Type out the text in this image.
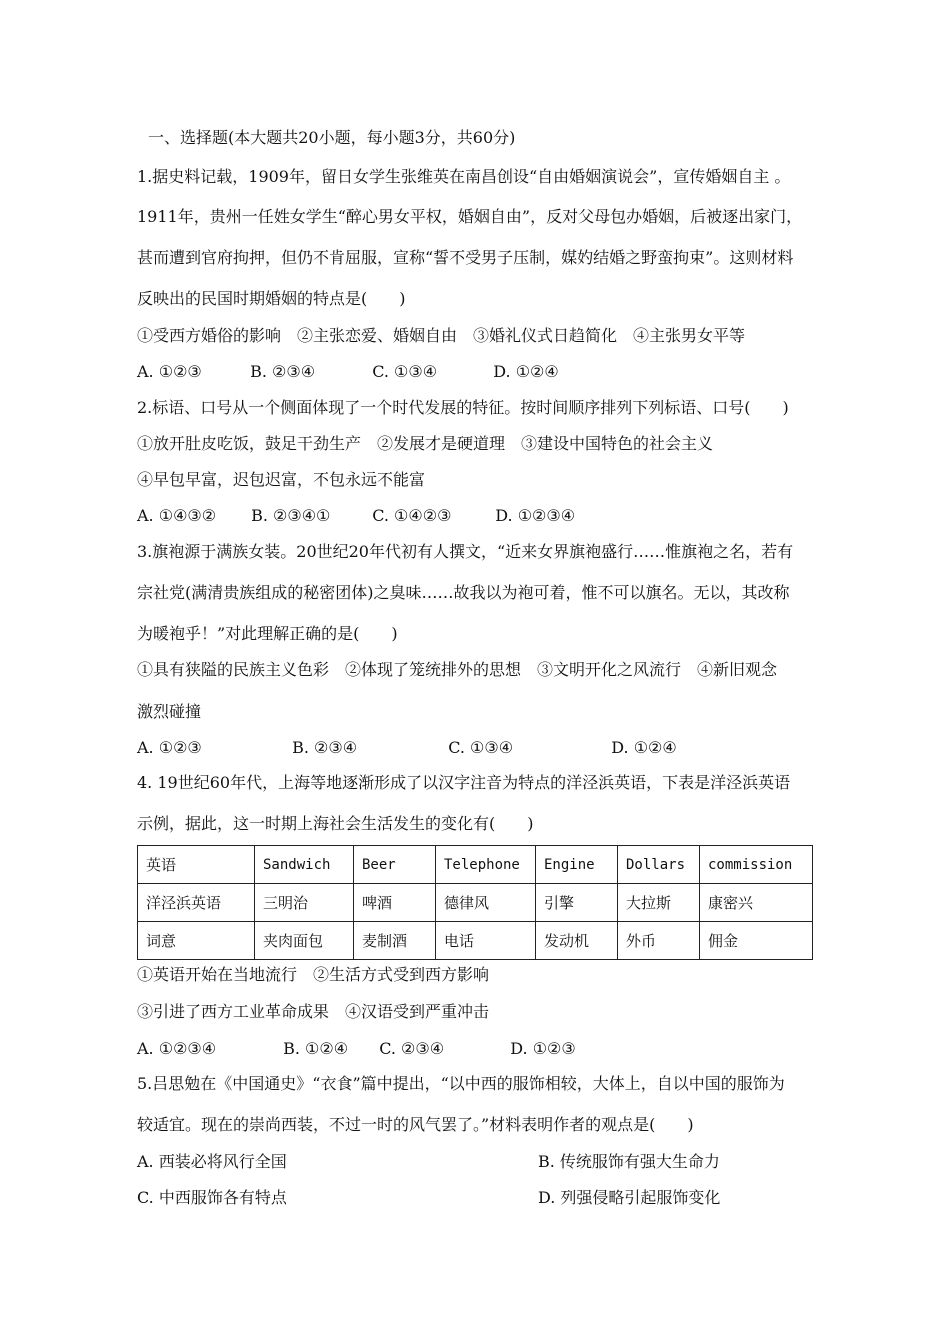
一、选择题(本大题共20小题，每小题3分，共60分)
1.据史料记载，1909年，留日女学生张维英在南昌创设“自由婚姻演说会”，宣传婚姻自主 。
1911年，贵州一任姓女学生“醉心男女平权，婚姻自由”，反对父母包办婚姻，后被逐出家门，
甚而遭到官府拘押，但仍不肯屈服，宣称“誓不受男子压制，媒妁结婚之野蛮拘束”。这则材料
反映出的民国时期婚姻的特点是(　　)
①受西方婚俗的影响　②主张恋爱、婚姻自由　③婚礼仪式日趋简化　④主张男女平等
A. ①②③	B. ②③④	C. ①③④	D. ①②④
2.标语、口号从一个侧面体现了一个时代发展的特征。按时间顺序排列下列标语、口号(　　)
①放开肚皮吃饭，鼓足干劲生产　②发展才是硬道理　③建设中国特色的社会主义
④早包早富，迟包迟富，不包永远不能富
A. ①④③② B. ②③④①	C. ①④②③	D. ①②③④
3.旗袍源于满族女装。20世纪20年代初有人撰文，“近来女界旗袍盛行……惟旗袍之名，若有
宗社党(满清贵族组成的秘密团体)之臭味……故我以为袍可着，惟不可以旗名。无以，其改称
为暖袍乎！”对此理解正确的是(　　)
①具有狭隘的民族主义色彩　②体现了笼统排外的思想　③文明开化之风流行　④新旧观念
激烈碰撞
A. ①②③	B. ②③④	C. ①③④	D. ①②④
4. 19世纪60年代，上海等地逐渐形成了以汉字注音为特点的洋泾浜英语，下表是洋泾浜英语
示例，据此，这一时期上海社会生活发生的变化有(　　)
英语	Sandwich	Beer	Telephone	Engine	Dollars	commission
洋泾浜英语	三明治	啤酒	德律风	引擎	大拉斯	康密兴
词意	夹肉面包	麦制酒	电话	发动机	外币	佣金
①英语开始在当地流行　②生活方式受到西方影响
③引进了西方工业革命成果　④汉语受到严重冲击
A. ①②③④	B. ①②④ C. ②③④	D. ①②③
5.吕思勉在《中国通史》“衣食”篇中提出，“以中西的服饰相较，大体上，自以中国的服饰为
较适宜。现在的崇尚西装，不过一时的风气罢了。”材料表明作者的观点是(　　)
A. 西装必将风行全国	B. 传统服饰有强大生命力
C. 中西服饰各有特点	D. 列强侵略引起服饰变化
